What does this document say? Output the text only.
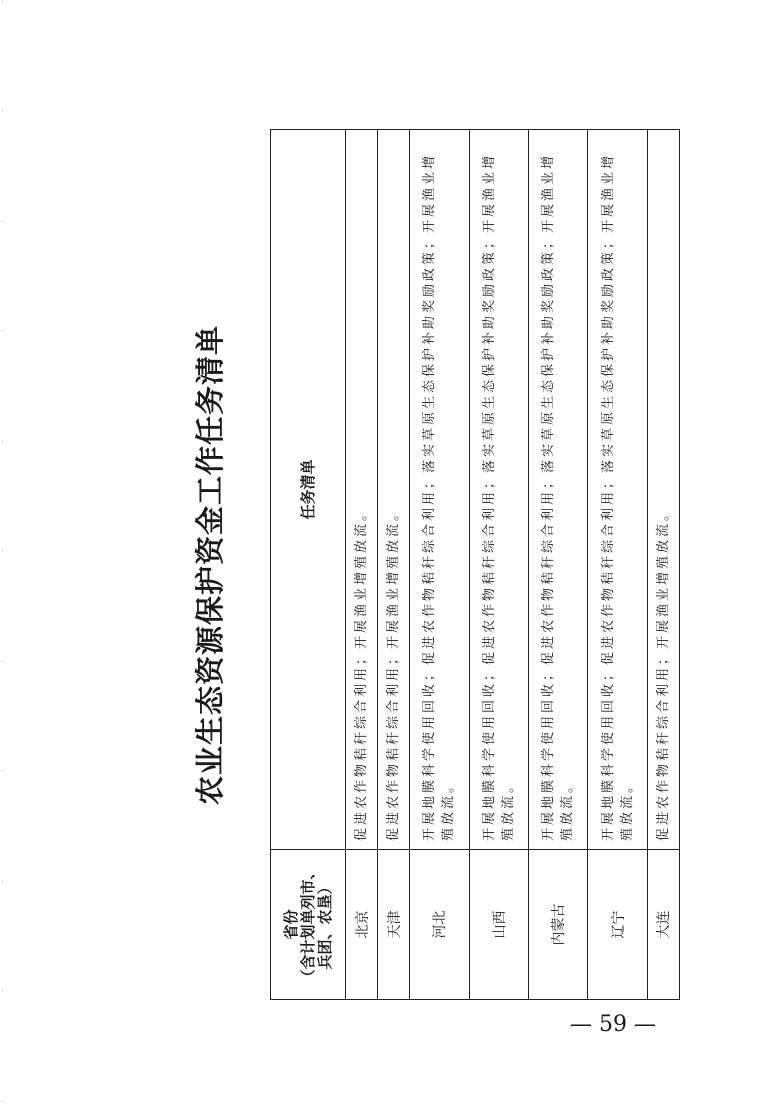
农业生态资源保护资金工作任务清单
省份 （含计划单列市、 兵团、农垦）	任务清单
北京	促进农作物秸秆综合利用；开展渔业增殖放流。
天津	促进农作物秸秆综合利用；开展渔业增殖放流。
河北	开展地膜科学使用回收；促进农作物秸秆综合利用；落实草原生态保护补助奖励政策；开展渔业增殖放流。
山西	开展地膜科学使用回收；促进农作物秸秆综合利用；落实草原生态保护补助奖励政策；开展渔业增殖放流。
内蒙古	开展地膜科学使用回收；促进农作物秸秆综合利用；落实草原生态保护补助奖励政策；开展渔业增殖放流。
辽宁	开展地膜科学使用回收；促进农作物秸秆综合利用；落实草原生态保护补助奖励政策；开展渔业增殖放流。
大连	促进农作物秸秆综合利用；开展渔业增殖放流。
— 59 —
